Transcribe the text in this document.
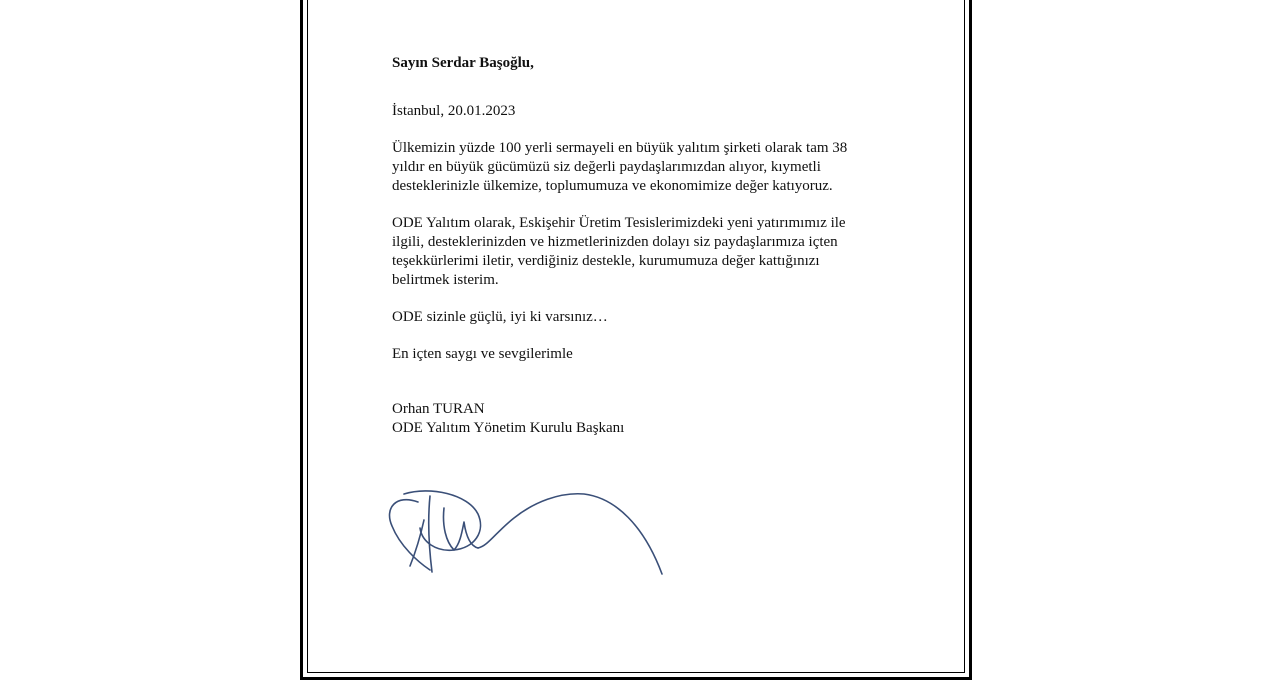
Sayın Serdar Başoğlu,

İstanbul, 20.01.2023

Ülkemizin yüzde 100 yerli sermayeli en büyük yalıtım şirketi olarak tam 38
yıldır en büyük gücümüzü siz değerli paydaşlarımızdan alıyor, kıymetli
desteklerinizle ülkemize, toplumumuza ve ekonomimize değer katıyoruz.

ODE Yalıtım olarak, Eskişehir Üretim Tesislerimizdeki yeni yatırımımız ile
ilgili, desteklerinizden ve hizmetlerinizden dolayı siz paydaşlarımıza içten
teşekkürlerimi iletir, verdiğiniz destekle, kurumumuza değer kattığınızı
belirtmek isterim.

ODE sizinle güçlü, iyi ki varsınız…

En içten saygı ve sevgilerimle

Orhan TURAN
ODE Yalıtım Yönetim Kurulu Başkanı
